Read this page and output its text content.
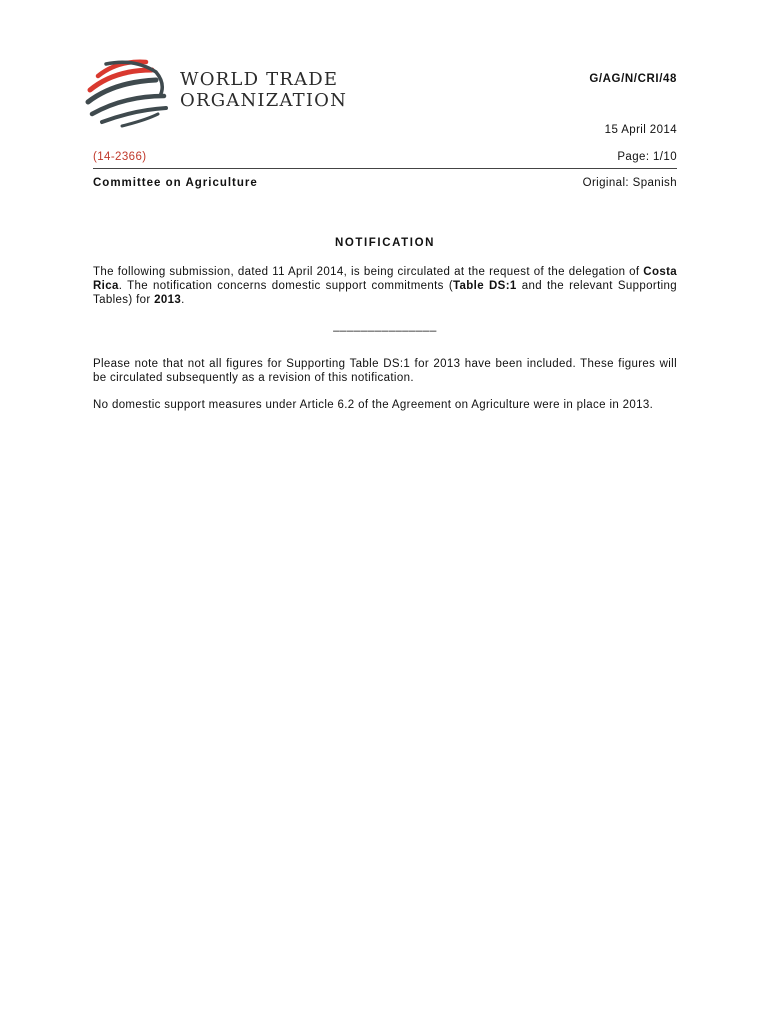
WORLD TRADE
ORGANIZATION
G/AG/N/CRI/48
15 April 2014
(14-2366)	Page: 1/10
Committee on Agriculture	Original: Spanish
NOTIFICATION

The following submission, dated 11 April 2014, is being circulated at the request of the delegation of Costa Rica. The notification concerns domestic support commitments (Table DS:1 and the relevant Supporting Tables) for 2013.

_______________

Please note that not all figures for Supporting Table DS:1 for 2013 have been included. These figures will be circulated subsequently as a revision of this notification.

No domestic support measures under Article 6.2 of the Agreement on Agriculture were in place in 2013.
